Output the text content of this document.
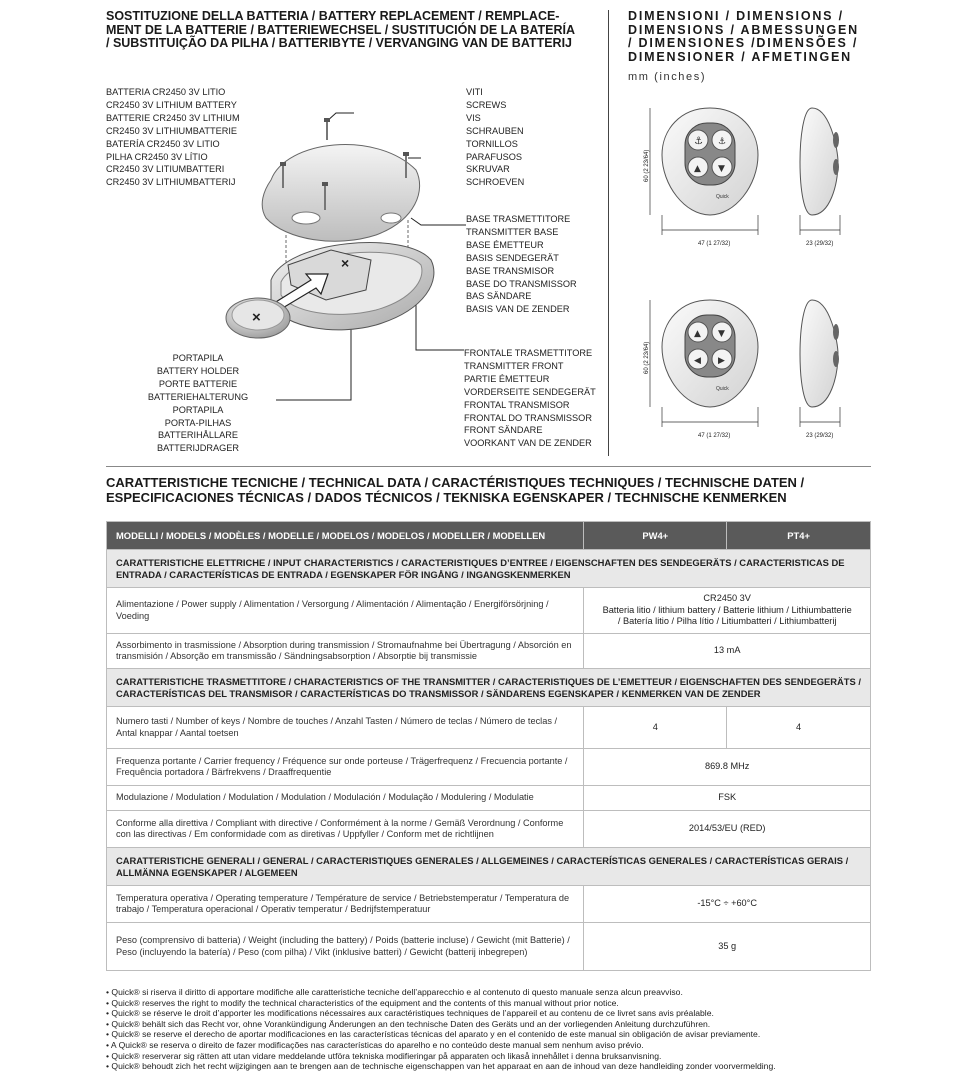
SOSTITUZIONE DELLA BATTERIA / BATTERY REPLACEMENT / REMPLACE-
MENT DE LA BATTERIE / BATTERIEWECHSEL / SUSTITUCIÓN DE LA BATERÍA
/ SUBSTITUIÇÃO DA PILHA / BATTERIBYTE / VERVANGING VAN DE BATTERIJ
DIMENSIONI / DIMENSIONS /
DIMENSIONS / ABMESSUNGEN
/ DIMENSIONES /DIMENSÕES /
DIMENSIONER / AFMETINGEN
mm (inches)
BATTERIA CR2450 3V LITIO
CR2450 3V LITHIUM BATTERY
BATTERIE CR2450 3V LITHIUM
CR2450 3V LITHIUMBATTERIE
BATERÍA CR2450 3V LITIO
PILHA CR2450 3V LÍTIO
CR2450 3V LITIUMBATTERI
CR2450 3V LITHIUMBATTERIJ
VITI
SCREWS
VIS
SCHRAUBEN
TORNILLOS
PARAFUSOS
SKRUVAR
SCHROEVEN
BASE TRASMETTITORE
TRANSMITTER BASE
BASE ÉMETTEUR
BASIS SENDEGERÄT
BASE TRANSMISOR
BASE DO TRANSMISSOR
BAS SÄNDARE
BASIS VAN DE ZENDER
PORTAPILA
BATTERY HOLDER
PORTE BATTERIE
BATTERIEHALTERUNG
PORTAPILA
PORTA-PILHAS
BATTERIHÅLLARE
BATTERIJDRAGER
FRONTALE TRASMETTITORE
TRANSMITTER FRONT
PARTIE ÉMETTEUR
VORDERSEITE SENDEGERÄT
FRONTAL TRANSMISOR
FRONTAL DO TRANSMISSOR
FRONT SÄNDARE
VOORKANT VAN DE ZENDER
×
×
⚓ ⚓
▲ ▼
Quick
60 (2 23/64)
47 (1 27/32)	23 (29/32)
▲ ▼
◀ ▶
Quick
60 (2 23/64)
47 (1 27/32)	23 (29/32)
CARATTERISTICHE TECNICHE / TECHNICAL DATA / CARACTÉRISTIQUES TECHNIQUES / TECHNISCHE DATEN /
ESPECIFICACIONES TÉCNICAS / DADOS TÉCNICOS / TEKNISKA EGENSKAPER / TECHNISCHE KENMERKEN
MODELLI / MODELS / MODÈLES / MODELLE / MODELOS / MODELOS / MODELLER / MODELLEN	PW4+	PT4+
CARATTERISTICHE ELETTRICHE / INPUT CHARACTERISTICS / CARACTERISTIQUES D’ENTREE / EIGENSCHAFTEN DES SENDEGERÄTS / CARACTERISTICAS DE ENTRADA / CARACTERÍSTICAS DE ENTRADA / EGENSKAPER FÖR INGÅNG / INGANGSKENMERKEN		
Alimentazione / Power supply / Alimentation / Versorgung / Alimentación / Alimentação / Energiförsörjning / Voeding	CR2450 3V
Batteria litio / lithium battery / Batterie lithium / Lithiumbatterie
/ Batería litio / Pilha lítio / Litiumbatteri / Lithiumbatterij	

Assorbimento in trasmissione / Absorption during transmission / Stromaufnahme bei Übertragung / Absorción en transmisión / Absorção em transmissão / Sändningsabsorption / Absorptie bij transmissie	13 mA	
CARATTERISTICHE TRASMETTITORE / CHARACTERISTICS OF THE TRANSMITTER / CARACTERISTIQUES DE L’EMETTEUR / EIGENSCHAFTEN DES SENDEGERÄTS / CARACTERÍSTICAS DEL TRANSMISOR / CARACTERÍSTICAS DO TRANSMISSOR / SÄNDARENS EGENSKAPER / KENMERKEN VAN DE ZENDER		
Numero tasti / Number of keys / Nombre de touches / Anzahl Tasten / Número de teclas / Número de teclas / Antal knappar / Aantal toetsen	4	4
Frequenza portante / Carrier frequency / Fréquence sur onde porteuse / Trägerfrequenz / Frecuencia portante / Frequência portadora / Bärfrekvens / Draaffrequentie	869.8 MHz	
Modulazione / Modulation / Modulation / Modulation / Modulación / Modulação / Modulering / Modulatie	FSK	
Conforme alla direttiva / Compliant with directive / Conformément à la norme / Gemäß Verordnung / Conforme con las directivas / Em conformidade com as diretivas / Uppfyller / Conform met de richtlijnen	2014/53/EU (RED)	
CARATTERISTICHE GENERALI / GENERAL / CARACTERISTIQUES GENERALES / ALLGEMEINES / CARACTERÍSTICAS GENERALES / CARACTERÍSTICAS GERAIS / ALLMÄNNA EGENSKAPER / ALGEMEEN		
Temperatura operativa / Operating temperature / Température de service / Betriebstemperatur / Temperatura de trabajo / Temperatura operacional / Operativ temperatur / Bedrijfstemperatuur	-15°C ÷ +60°C	
Peso (comprensivo di batteria) / Weight (including the battery) / Poids (batterie incluse) / Gewicht (mit Batterie) / Peso (incluyendo la batería) / Peso (com pilha) / Vikt (inklusive batteri) / Gewicht (batterij inbegrepen)	35 g	
• Quick® si riserva il diritto di apportare modifiche alle caratteristiche tecniche dell’apparecchio e al contenuto di questo manuale senza alcun preavviso.
• Quick® reserves the right to modify the technical characteristics of the equipment and the contents of this manual without prior notice.
• Quick® se réserve le droit d’apporter les modifications nécessaires aux caractéristiques techniques de l’appareil et au contenu de ce livret sans avis préalable.
• Quick® behält sich das Recht vor, ohne Vorankündigung Änderungen an den technische Daten des Geräts und an der vorliegenden Anleitung durchzuführen.
• Quick® se reserve el derecho de aportar modificaciones en las características técnicas del aparato y en el contenido de este manual sin obligación de avisar previamente.
• A Quick® se reserva o direito de fazer modificações nas características do aparelho e no conteúdo deste manual sem nenhum aviso prévio.
• Quick® reserverar sig rätten att utan vidare meddelande utföra tekniska modifieringar på apparaten och likaså innehållet i denna bruksanvisning.
• Quick® behoudt zich het recht wijzigingen aan te brengen aan de technische eigenschappen van het apparaat en aan de inhoud van deze handleiding zonder voorvermelding.
